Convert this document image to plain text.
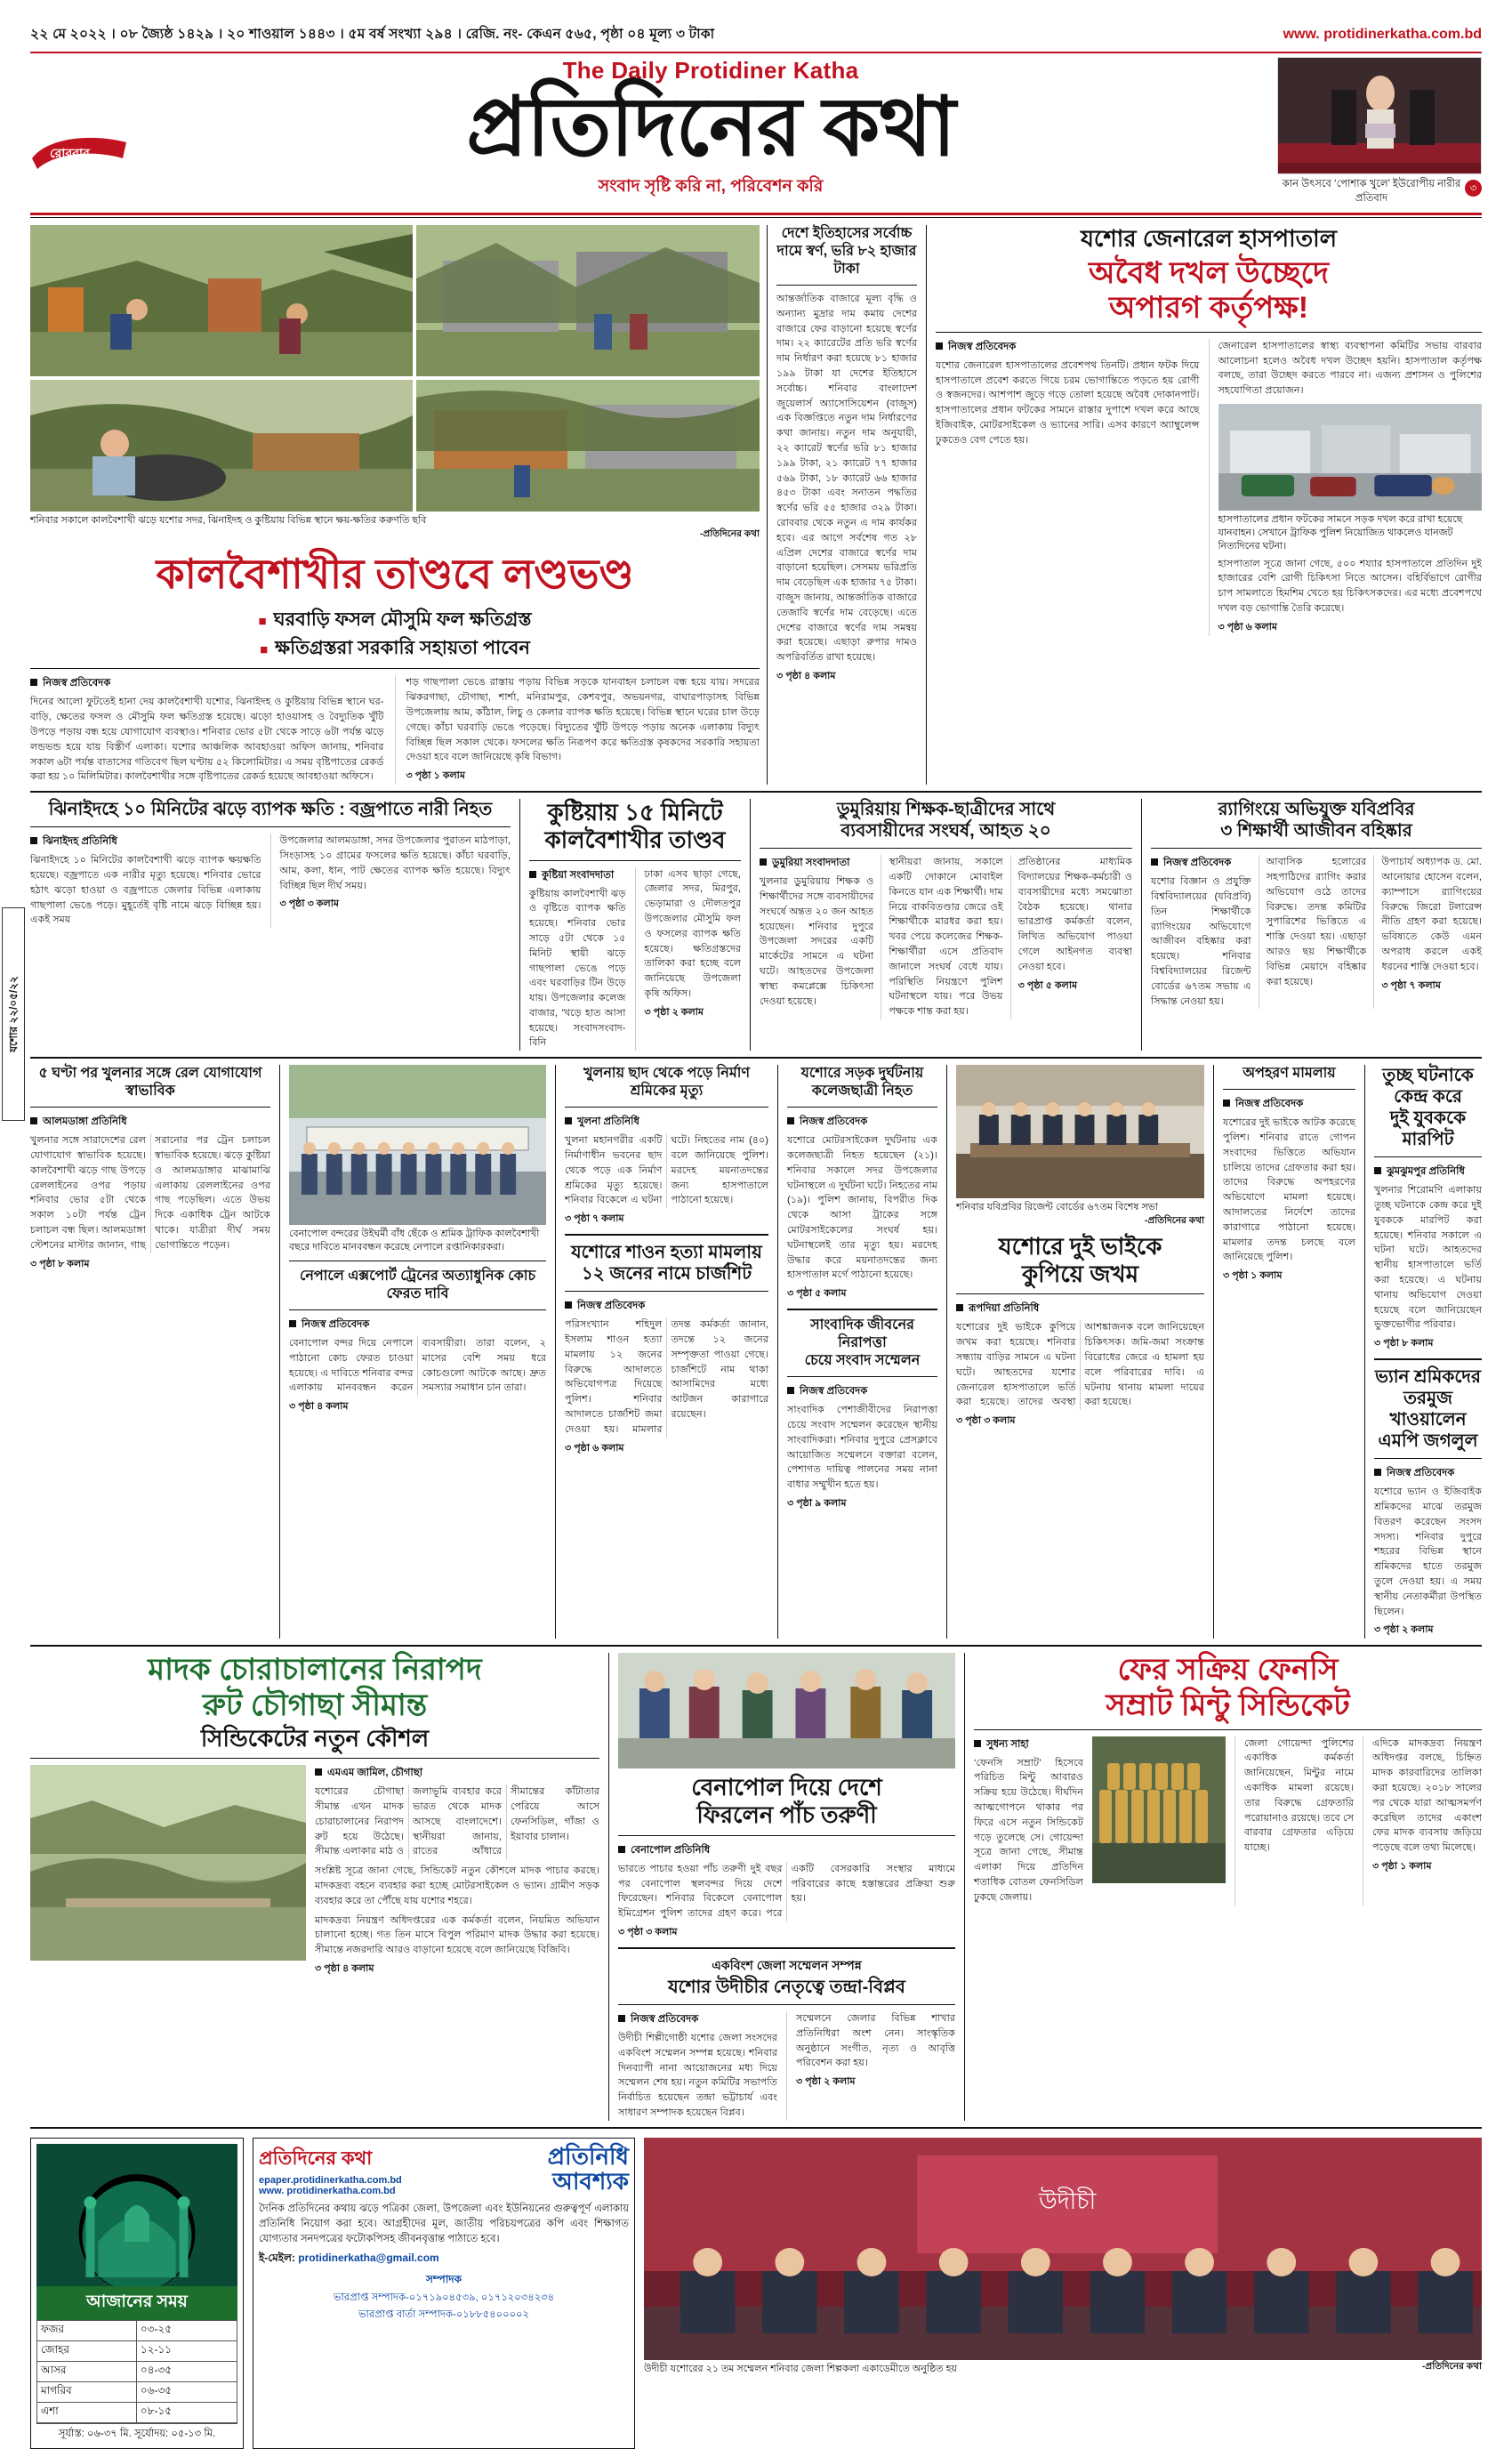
২২ মে ২০২২ । ০৮ জ্যৈষ্ঠ ১৪২৯ । ২০ শাওয়াল ১৪৪৩ । ৫ম বর্ষ সংখ্যা ২৯৪ । রেজি. নং- কেএন ৫৬৫, পৃষ্ঠা ০৪ মূল্য ৩ টাকা	www. protidinerkatha.com.bd
রোববার
The Daily Protidiner Katha
প্রতিদিনের কথা
সংবাদ সৃষ্টি করি না, পরিবেশন করি	কান উৎসবে ‘পোশাক খুলে’ ইউরোপীয় নারীর প্রতিবাদ
৩
যশোর ২২/০৫/২২
শনিবার সকালে কালবৈশাখী ঝড়ে যশোর সদর, ঝিনাইদহ ও কুষ্টিয়ায় বিভিন্ন স্থানে ক্ষয়-ক্ষতির করুণতি ছবি
-প্রতিদিনের কথা
কালবৈশাখীর তাণ্ডবে লণ্ডভণ্ড
■ ঘরবাড়ি ফসল মৌসুমি ফল ক্ষতিগ্রস্ত
■ ক্ষতিগ্রস্তরা সরকারি সহায়তা পাবেন
নিজস্ব প্রতিবেদক
দিনের আলো ফুটতেই হানা দেয় কালবৈশাখী যশোর, ঝিনাইদহ ও কুষ্টিয়ায় বিভিন্ন স্থানে ঘর-বাড়ি, ক্ষেতের ফসল ও মৌসুমি ফল ক্ষতিগ্রস্ত হয়েছে। ঝড়ো হাওয়াসহ ও বৈদ্যুতিক খুঁটি উপড়ে পড়ায় বন্ধ হয়ে যোগাযোগ ব্যবস্থাও। শনিবার ভোর ৫টা থেকে সাড়ে ৬টা পর্যন্ত ঝড়ে লন্ডভন্ড হয়ে যায় বিস্তীর্ণ এলাকা। যশোর আঞ্চলিক আবহাওয়া অফিস জানায়, শনিবার সকাল ৬টা পর্যন্ত বাতাসের গতিবেগ ছিল ঘণ্টায় ৫২ কিলোমিটার। এ সময় বৃষ্টিপাতের রেকর্ড করা হয় ১০ মিলিমিটার। কালবৈশাখীর সঙ্গে বৃষ্টিপাতের রেকর্ড হয়েছে আবহাওয়া অফিসে।
শড় গাছপালা ভেঙে রাস্তায় পড়ায় বিভিন্ন সড়কে যানবাহন চলাচল বন্ধ হয়ে যায়। সদরের ঝিকরগাছা, চৌগাছা, শার্শা, মনিরামপুর, কেশবপুর, অভয়নগর, বাঘারপাড়াসহ বিভিন্ন উপজেলায় আম, কাঁঠাল, লিচু ও কেলার ব্যাপক ক্ষতি হয়েছে। বিভিন্ন স্থানে ঘরের চাল উড়ে গেছে। কাঁচা ঘরবাড়ি ভেঙে পড়েছে। বিদ্যুতের খুঁটি উপড়ে পড়ায় অনেক এলাকায় বিদ্যুৎ বিচ্ছিন্ন ছিল সকাল থেকে। ফসলের ক্ষতি নিরূপণ করে ক্ষতিগ্রস্ত কৃষকদের সরকারি সহায়তা দেওয়া হবে বলে জানিয়েছে কৃষি বিভাগ।
৩ পৃষ্ঠা ১ কলাম
দেশে ইতিহাসের সর্বোচ্চ দামে স্বর্ণ, ভরি ৮২ হাজার টাকা
আন্তর্জাতিক বাজারে মূল্য বৃদ্ধি ও অন্যান্য মুদ্রার দাম কমায় দেশের বাজারে ফের বাড়ানো হয়েছে স্বর্ণের দাম। ২২ ক্যারেটের প্রতি ভরি স্বর্ণের দাম নির্ধারণ করা হয়েছে ৮১ হাজার ১৯৯ টাকা যা দেশের ইতিহাসে সর্বোচ্চ। শনিবার বাংলাদেশ জুয়েলার্স অ্যাসোসিয়েশন (বাজুস) এক বিজ্ঞপ্তিতে নতুন দাম নির্ধারণের কথা জানায়। নতুন দাম অনুযায়ী, ২২ ক্যারেট স্বর্ণের ভরি ৮১ হাজার ১৯৯ টাকা, ২১ ক্যারেট ৭৭ হাজার ৫৬৯ টাকা, ১৮ ক্যারেট ৬৬ হাজার ৪৫৩ টাকা এবং সনাতন পদ্ধতির স্বর্ণের ভরি ৫৫ হাজার ৩২৯ টাকা। রোববার থেকে নতুন এ দাম কার্যকর হবে। এর আগে সর্বশেষ গত ২৮ এপ্রিল দেশের বাজারে স্বর্ণের দাম বাড়ানো হয়েছিল। সেসময় ভরিপ্রতি দাম বেড়েছিল এক হাজার ৭৫ টাকা। বাজুস জানায়, আন্তর্জাতিক বাজারে তেজাবি স্বর্ণের দাম বেড়েছে। এতে দেশের বাজারে স্বর্ণের দাম সমন্বয় করা হয়েছে। এছাড়া রুপার দামও অপরিবর্তিত রাখা হয়েছে।
৩ পৃষ্ঠা ৪ কলাম
যশোর জেনারেল হাসপাতাল
অবৈধ দখল উচ্ছেদে
অপারগ কর্তৃপক্ষ!
নিজস্ব প্রতিবেদক
যশোর জেনারেল হাসপাতালের প্রবেশপথ তিনটি। প্রধান ফটক দিয়ে হাসপাতালে প্রবেশ করতে গিয়ে চরম ভোগান্তিতে পড়তে হয় রোগী ও স্বজনদের। আশপাশ জুড়ে গড়ে তোলা হয়েছে অবৈধ দোকানপাট। হাসপাতালের প্রধান ফটকের সামনে রাস্তার দুপাশে দখল করে আছে ইজিবাইক, মোটরসাইকেল ও ভ্যানের সারি। এসব কারণে অ্যাম্বুলেন্স ঢুকতেও বেগ পেতে হয়।
জেনারেল হাসপাতালের স্বাস্থ্য ব্যবস্থাপনা কমিটির সভায় বারবার আলোচনা হলেও অবৈধ দখল উচ্ছেদ হয়নি। হাসপাতাল কর্তৃপক্ষ বলছে, তারা উচ্ছেদ করতে পারবে না। এজন্য প্রশাসন ও পুলিশের সহযোগিতা প্রয়োজন।
হাসপাতালের প্রধান ফটকের সামনে সড়ক দখল করে রাখা হয়েছে যানবাহন। সেখানে ট্রাফিক পুলিশ নিয়োজিত থাকলেও যানজট নিত্যদিনের ঘটনা।
হাসপাতাল সূত্রে জানা গেছে, ৫০০ শয্যার হাসপাতালে প্রতিদিন দুই হাজারের বেশি রোগী চিকিৎসা নিতে আসেন। বহির্বিভাগে রোগীর চাপ সামলাতে হিমশিম খেতে হয় চিকিৎসকদের। এর মধ্যে প্রবেশপথে দখল বড় ভোগান্তি তৈরি করেছে।
৩ পৃষ্ঠা ৬ কলাম
ঝিনাইদহে ১০ মিনিটের ঝড়ে ব্যাপক ক্ষতি : বজ্রপাতে নারী নিহত
ঝিনাইদহ প্রতিনিধি
ঝিনাইদহে ১০ মিনিটের কালবৈশাখী ঝড়ে ব্যাপক ক্ষয়ক্ষতি হয়েছে। বজ্রপাতে এক নারীর মৃত্যু হয়েছে। শনিবার ভোরে হঠাৎ ঝড়ো হাওয়া ও বজ্রপাতে জেলার বিভিন্ন এলাকায় গাছপালা ভেঙে পড়ে। মুহূর্তেই বৃষ্টি নামে ঝড়ে বিচ্ছিন্ন হয়। একই সময়
উপজেলার আলমডাঙ্গা, সদর উপজেলার পুরাতন মাঠপাড়া, সিংড়াসহ ১০ গ্রামের ফসলের ক্ষতি হয়েছে। কাঁচা ঘরবাড়ি, আম, কলা, ধান, পাট ক্ষেতের ব্যাপক ক্ষতি হয়েছে। বিদ্যুৎ বিচ্ছিন্ন ছিল দীর্ঘ সময়।
৩ পৃষ্ঠা ৩ কলাম
কুষ্টিয়ায় ১৫ মিনিটে
কালবৈশাখীর তাণ্ডব
কুষ্টিয়া সংবাদদাতা
কুষ্টিয়ায় কালবৈশাখী ঝড় ও বৃষ্টিতে ব্যাপক ক্ষতি হয়েছে। শনিবার ভোর সাড়ে ৫টা থেকে ১৫ মিনিট স্থায়ী ঝড়ে গাছপালা ভেঙে পড়ে এবং ঘরবাড়ির টিন উড়ে যায়। উপজেলার কলেজ বাজার, ’খড়ে হাত আসা হয়েছে। সংবাদসংবাদ-বিনি
ঢাকা এসব ছাড়া গেছে, জেলার সদর, মিরপুর, ভেড়ামারা ও দৌলতপুর উপজেলার মৌসুমি ফল ও ফসলের ব্যাপক ক্ষতি হয়েছে। ক্ষতিগ্রস্তদের তালিকা করা হচ্ছে বলে জানিয়েছে উপজেলা কৃষি অফিস।
৩ পৃষ্ঠা ২ কলাম
ডুমুরিয়ায় শিক্ষক-ছাত্রীদের সাথে
ব্যবসায়ীদের সংঘর্ষ, আহত ২০
ডুমুরিয়া সংবাদদাতা
খুলনার ডুমুরিয়ায় শিক্ষক ও শিক্ষার্থীদের সঙ্গে ব্যবসায়ীদের সংঘর্ষে অন্তত ২০ জন আহত হয়েছেন। শনিবার দুপুরে উপজেলা সদরের একটি মার্কেটের সামনে এ ঘটনা ঘটে। আহতদের উপজেলা স্বাস্থ্য কমপ্লেক্সে চিকিৎসা দেওয়া হয়েছে।
স্থানীয়রা জানায়, সকালে একটি দোকানে মোবাইল কিনতে যান এক শিক্ষার্থী। দাম নিয়ে বাকবিতণ্ডার জেরে ওই শিক্ষার্থীকে মারধর করা হয়। খবর পেয়ে কলেজের শিক্ষক-শিক্ষার্থীরা এসে প্রতিবাদ জানালে সংঘর্ষ বেধে যায়। পরিস্থিতি নিয়ন্ত্রণে পুলিশ ঘটনাস্থলে যায়। পরে উভয় পক্ষকে শান্ত করা হয়।
প্রতিষ্ঠানের মাধ্যমিক বিদ্যালয়ের শিক্ষক-কর্মচারী ও ব্যবসায়ীদের মধ্যে সমঝোতা বৈঠক হয়েছে। থানার ভারপ্রাপ্ত কর্মকর্তা বলেন, লিখিত অভিযোগ পাওয়া গেলে আইনগত ব্যবস্থা নেওয়া হবে।
৩ পৃষ্ঠা ৫ কলাম
র‌্যাগিংয়ে অভিযুক্ত যবিপ্রবির
৩ শিক্ষার্থী আজীবন বহিষ্কার
নিজস্ব প্রতিবেদক
যশোর বিজ্ঞান ও প্রযুক্তি বিশ্ববিদ্যালয়ের (যবিপ্রবি) তিন শিক্ষার্থীকে র‌্যাগিংয়ের অভিযোগে আজীবন বহিষ্কার করা হয়েছে। শনিবার বিশ্ববিদ্যালয়ের রিজেন্ট বোর্ডের ৬৭তম সভায় এ সিদ্ধান্ত নেওয়া হয়।
আবাসিক হলোরের সহপাঠিদের র‌্যাগিং করার অভিযোগ ওঠে তাদের বিরুদ্ধে। তদন্ত কমিটির সুপারিশের ভিত্তিতে এ শাস্তি দেওয়া হয়। এছাড়া আরও ছয় শিক্ষার্থীকে বিভিন্ন মেয়াদে বহিষ্কার করা হয়েছে।
উপাচার্য অধ্যাপক ড. মো. আনোয়ার হোসেন বলেন, ক্যাম্পাসে র‌্যাগিংয়ের বিরুদ্ধে জিরো টলারেন্স নীতি গ্রহণ করা হয়েছে। ভবিষ্যতে কেউ এমন অপরাধ করলে একই ধরনের শাস্তি দেওয়া হবে।
৩ পৃষ্ঠা ৭ কলাম
৫ ঘণ্টা পর খুলনার সঙ্গে রেল যোগাযোগ স্বাভাবিক
আলমডাঙ্গা প্রতিনিধি
খুলনার সঙ্গে সারাদেশের রেল যোগাযোগ স্বাভাবিক হয়েছে। কালবৈশাখী ঝড়ে গাছ উপড়ে রেললাইনের ওপর পড়ায় শনিবার ভোর ৫টা থেকে সকাল ১০টা পর্যন্ত ট্রেন চলাচল বন্ধ ছিল। আলমডাঙ্গা স্টেশনের মাস্টার জানান, গাছ সরানোর পর ট্রেন চলাচল স্বাভাবিক হয়েছে। ঝড়ে কুষ্টিয়া ও আলমডাঙ্গার মাঝামাঝি এলাকায় রেললাইনের ওপর গাছ পড়েছিল। এতে উভয় দিকে একাধিক ট্রেন আটকে থাকে। যাত্রীরা দীর্ঘ সময় ভোগান্তিতে পড়েন।
৩ পৃষ্ঠা ৮ কলাম
বেনাপোল বন্দরের উইঘর্মী বাঁধ ছেঁকে ও শ্রমিক ট্রাফিক কালবৈশাখী বছরে দাবিতে মানববন্ধন করেছে নেপালে রপ্তানিকারকরা।
নেপালে এক্সপোর্ট ট্রেনের অত্যাধুনিক কোচ ফেরত দাবি
নিজস্ব প্রতিবেদক
বেনাপোল বন্দর দিয়ে নেপালে পাঠানো কোচ ফেরত চাওয়া হয়েছে। এ দাবিতে শনিবার বন্দর এলাকায় মানববন্ধন করেন ব্যবসায়ীরা। তারা বলেন, ২ মাসের বেশি সময় ধরে কোচগুলো আটকে আছে। দ্রুত সমস্যার সমাধান চান তারা।
৩ পৃষ্ঠা ৪ কলাম
খুলনায় ছাদ থেকে পড়ে নির্মাণ শ্রমিকের মৃত্যু
খুলনা প্রতিনিধি
খুলনা মহানগরীর একটি নির্মাণাধীন ভবনের ছাদ থেকে পড়ে এক নির্মাণ শ্রমিকের মৃত্যু হয়েছে। শনিবার বিকেলে এ ঘটনা ঘটে। নিহতের নাম (৪০) বলে জানিয়েছে পুলিশ। মরদেহ ময়নাতদন্তের জন্য হাসপাতালে পাঠানো হয়েছে।
৩ পৃষ্ঠা ৭ কলাম
যশোরে শাওন হত্যা মামলায়
১২ জনের নামে চার্জশিট
নিজস্ব প্রতিবেদক
পরিসংখ্যান শহিদুল ইসলাম শাওন হত্যা মামলায় ১২ জনের বিরুদ্ধে আদালতে অভিযোগপত্র দিয়েছে পুলিশ। শনিবার আদালতে চার্জশিট জমা দেওয়া হয়। মামলার তদন্ত কর্মকর্তা জানান, তদন্তে ১২ জনের সম্পৃক্ততা পাওয়া গেছে। চার্জশিটে নাম থাকা আসামিদের মধ্যে আটজন কারাগারে রয়েছেন।
৩ পৃষ্ঠা ৬ কলাম
যশোরে সড়ক দুর্ঘটনায়
কলেজছাত্রী নিহত
নিজস্ব প্রতিবেদক
যশোরে মোটরসাইকেল দুর্ঘটনায় এক কলেজছাত্রী নিহত হয়েছেন (২১)। শনিবার সকালে সদর উপজেলার ঘটনাস্থলে এ দুর্ঘটনা ঘটে। নিহতের নাম (১৯)। পুলিশ জানায়, বিপরীত দিক থেকে আসা ট্রাকের সঙ্গে মোটরসাইকেলের সংঘর্ষ হয়। ঘটনাস্থলেই তার মৃত্যু হয়। মরদেহ উদ্ধার করে ময়নাতদন্তের জন্য হাসপাতাল মর্গে পাঠানো হয়েছে।
৩ পৃষ্ঠা ৫ কলাম
সাংবাদিক জীবনের নিরাপত্তা
চেয়ে সংবাদ সম্মেলন
নিজস্ব প্রতিবেদক
সাংবাদিক পেশাজীবীদের নিরাপত্তা চেয়ে সংবাদ সম্মেলন করেছেন স্থানীয় সাংবাদিকরা। শনিবার দুপুরে প্রেসক্লাবে আয়োজিত সম্মেলনে বক্তারা বলেন, পেশাগত দায়িত্ব পালনের সময় নানা বাধার সম্মুখীন হতে হয়।
৩ পৃষ্ঠা ৯ কলাম
শনিবার যবিপ্রবির রিজেন্ট বোর্ডের ৬৭তম বিশেষ সভা
-প্রতিদিনের কথা
যশোরে দুই ভাইকে
কুপিয়ে জখম
রূপদিয়া প্রতিনিধি
যশোরের দুই ভাইকে কুপিয়ে জখম করা হয়েছে। শনিবার সন্ধ্যায় বাড়ির সামনে এ ঘটনা ঘটে। আহতদের যশোর জেনারেল হাসপাতালে ভর্তি করা হয়েছে। তাদের অবস্থা আশঙ্কাজনক বলে জানিয়েছেন চিকিৎসক। জমি-জমা সংক্রান্ত বিরোধের জেরে এ হামলা হয় বলে পরিবারের দাবি। এ ঘটনায় থানায় মামলা দায়ের করা হয়েছে।
৩ পৃষ্ঠা ৩ কলাম
অপহরণ মামলায়
নিজস্ব প্রতিবেদক
যশোরের দুই ভাইকে আটক করেছে পুলিশ। শনিবার রাতে গোপন সংবাদের ভিত্তিতে অভিযান চালিয়ে তাদের গ্রেফতার করা হয়। তাদের বিরুদ্ধে অপহরণের অভিযোগে মামলা হয়েছে। আদালতের নির্দেশে তাদের কারাগারে পাঠানো হয়েছে। মামলার তদন্ত চলছে বলে জানিয়েছে পুলিশ।
৩ পৃষ্ঠা ১ কলাম
তুচ্ছ ঘটনাকে কেন্দ্র করে
দুই যুবককে মারপিট
ঝুমঝুমপুর প্রতিনিধি
খুলনার শিরোমণি এলাকায় তুচ্ছ ঘটনাকে কেন্দ্র করে দুই যুবককে মারপিট করা হয়েছে। শনিবার সকালে এ ঘটনা ঘটে। আহতদের স্থানীয় হাসপাতালে ভর্তি করা হয়েছে। এ ঘটনায় থানায় অভিযোগ দেওয়া হয়েছে বলে জানিয়েছেন ভুক্তভোগীর পরিবার।
৩ পৃষ্ঠা ৮ কলাম
ভ্যান শ্রমিকদের তরমুজ
খাওয়ালেন এমপি জগলুল
নিজস্ব প্রতিবেদক
যশোরে ভ্যান ও ইজিবাইক শ্রমিকদের মাঝে তরমুজ বিতরণ করেছেন সংসদ সদস্য। শনিবার দুপুরে শহরের বিভিন্ন স্থানে শ্রমিকদের হাতে তরমুজ তুলে দেওয়া হয়। এ সময় স্থানীয় নেতাকর্মীরা উপস্থিত ছিলেন।
৩ পৃষ্ঠা ২ কলাম
মাদক চোরাচালানের নিরাপদ
রুট চৌগাছা সীমান্ত
সিন্ডিকেটের নতুন কৌশল
এমএম জামিল, চৌগাছা
যশোরের চৌগাছা সীমান্ত এখন মাদক চোরাচালানের নিরাপদ রুট হয়ে উঠেছে। সীমান্ত এলাকার মাঠ ও জলাভূমি ব্যবহার করে ভারত থেকে মাদক আসছে বাংলাদেশে। স্থানীয়রা জানায়, রাতের আঁধারে সীমান্তের কাঁটাতার পেরিয়ে আসে ফেনসিডিল, গাঁজা ও ইয়াবার চালান।
সংশ্লিষ্ট সূত্রে জানা গেছে, সিন্ডিকেট নতুন কৌশলে মাদক পাচার করছে। মাদকদ্রব্য বহনে ব্যবহার করা হচ্ছে মোটরসাইকেল ও ভ্যান। গ্রামীণ সড়ক ব্যবহার করে তা পৌঁছে যায় যশোর শহরে।
মাদকদ্রব্য নিয়ন্ত্রণ অধিদপ্তরের এক কর্মকর্তা বলেন, নিয়মিত অভিযান চালানো হচ্ছে। গত তিন মাসে বিপুল পরিমাণ মাদক উদ্ধার করা হয়েছে। সীমান্তে নজরদারি আরও বাড়ানো হয়েছে বলে জানিয়েছে বিজিবি।
৩ পৃষ্ঠা ৪ কলাম
বেনাপোল দিয়ে দেশে
ফিরলেন পাঁচ তরুণী
বেনাপোল প্রতিনিধি
ভারতে পাচার হওয়া পাঁচ তরুণী দুই বছর পর বেনাপোল স্থলবন্দর দিয়ে দেশে ফিরেছেন। শনিবার বিকেলে বেনাপোল ইমিগ্রেশন পুলিশ তাদের গ্রহণ করে। পরে একটি বেসরকারি সংস্থার মাধ্যমে পরিবারের কাছে হস্তান্তরের প্রক্রিয়া শুরু হয়।
৩ পৃষ্ঠা ৩ কলাম
একবিংশ জেলা সম্মেলন সম্পন্ন
যশোর উদীচীর নেতৃত্বে তন্দ্রা-বিপ্লব
নিজস্ব প্রতিবেদক
উদীচী শিল্পীগোষ্ঠী যশোর জেলা সংসদের একবিংশ সম্মেলন সম্পন্ন হয়েছে। শনিবার দিনব্যাপী নানা আয়োজনের মধ্য দিয়ে সম্মেলন শেষ হয়। নতুন কমিটির সভাপতি নির্বাচিত হয়েছেন তন্দ্রা ভট্টাচার্য এবং সাধারণ সম্পাদক হয়েছেন বিপ্লব।
সম্মেলনে জেলার বিভিন্ন শাখার প্রতিনিধিরা অংশ নেন। সাংস্কৃতিক অনুষ্ঠানে সংগীত, নৃত্য ও আবৃত্তি পরিবেশন করা হয়।
৩ পৃষ্ঠা ২ কলাম
ফের সক্রিয় ফেনসি
সম্রাট মিন্টু সিন্ডিকেট
সুধন্য সাহা
‘ফেনসি সম্রাট’ হিসেবে পরিচিত মিন্টু আবারও সক্রিয় হয়ে উঠেছে। দীর্ঘদিন আত্মগোপনে থাকার পর ফিরে এসে নতুন সিন্ডিকেট গড়ে তুলেছে সে। গোয়েন্দা সূত্রে জানা গেছে, সীমান্ত এলাকা দিয়ে প্রতিদিন শতাধিক বোতল ফেনসিডিল ঢুকছে জেলায়।
জেলা গোয়েন্দা পুলিশের একাধিক কর্মকর্তা জানিয়েছেন, মিন্টুর নামে একাধিক মামলা রয়েছে। তার বিরুদ্ধে গ্রেফতারি পরোয়ানাও রয়েছে। তবে সে বারবার গ্রেফতার এড়িয়ে যাচ্ছে।
এদিকে মাদকদ্রব্য নিয়ন্ত্রণ অধিদপ্তর বলছে, চিহ্নিত মাদক কারবারিদের তালিকা করা হয়েছে। ২০১৮ সালের পর থেকে যারা আত্মসমর্পণ করেছিল তাদের একাংশ ফের মাদক ব্যবসায় জড়িয়ে পড়েছে বলে তথ্য মিলেছে।
৩ পৃষ্ঠা ১ কলাম
আজানের সময়
ফজর	০৩-২৫
জোহর	১২-১১
আসর	০৪-৩৫
মাগরিব	০৬-৩৫
এশা	০৮-১৫
সূর্যাস্ত: ০৬-৩৭ মি. সূর্যোদয়: ০৫-১৩ মি.
প্রতিদিনের কথা
epaper.protidinerkatha.com.bd
www. protidinerkatha.com.bd
প্রতিনিধি
আবশ্যক
দৈনিক প্রতিদিনের কথায় ঝড়ে পত্রিকা জেলা, উপজেলা এবং ইউনিয়নের গুরুত্বপূর্ণ এলাকায় প্রতিনিধি নিয়োগ করা হবে। আগ্রহীদের মূল, জাতীয় পরিচয়পত্রের কপি এবং শিক্ষাগত যোগ্যতার সনদপত্রের ফটোকপিসহ জীবনবৃত্তান্ত পাঠাতে হবে।
ই-মেইল: protidinerkatha@gmail.com
সম্পাদক
ভারপ্রাপ্ত সম্পাদক-০১৭১৯০৪৫৩৯, ০১৭১২০৩৪২৩৪
ভারপ্রাপ্ত বার্তা সম্পাদক-০১৮৮৫৪০০০০২
উদীচী
উদীচী যশোরের ২১ তম সম্মেলন শনিবার জেলা শিল্পকলা একাডেমীতে অনুষ্ঠিত হয়	-প্রতিদিনের কথা
